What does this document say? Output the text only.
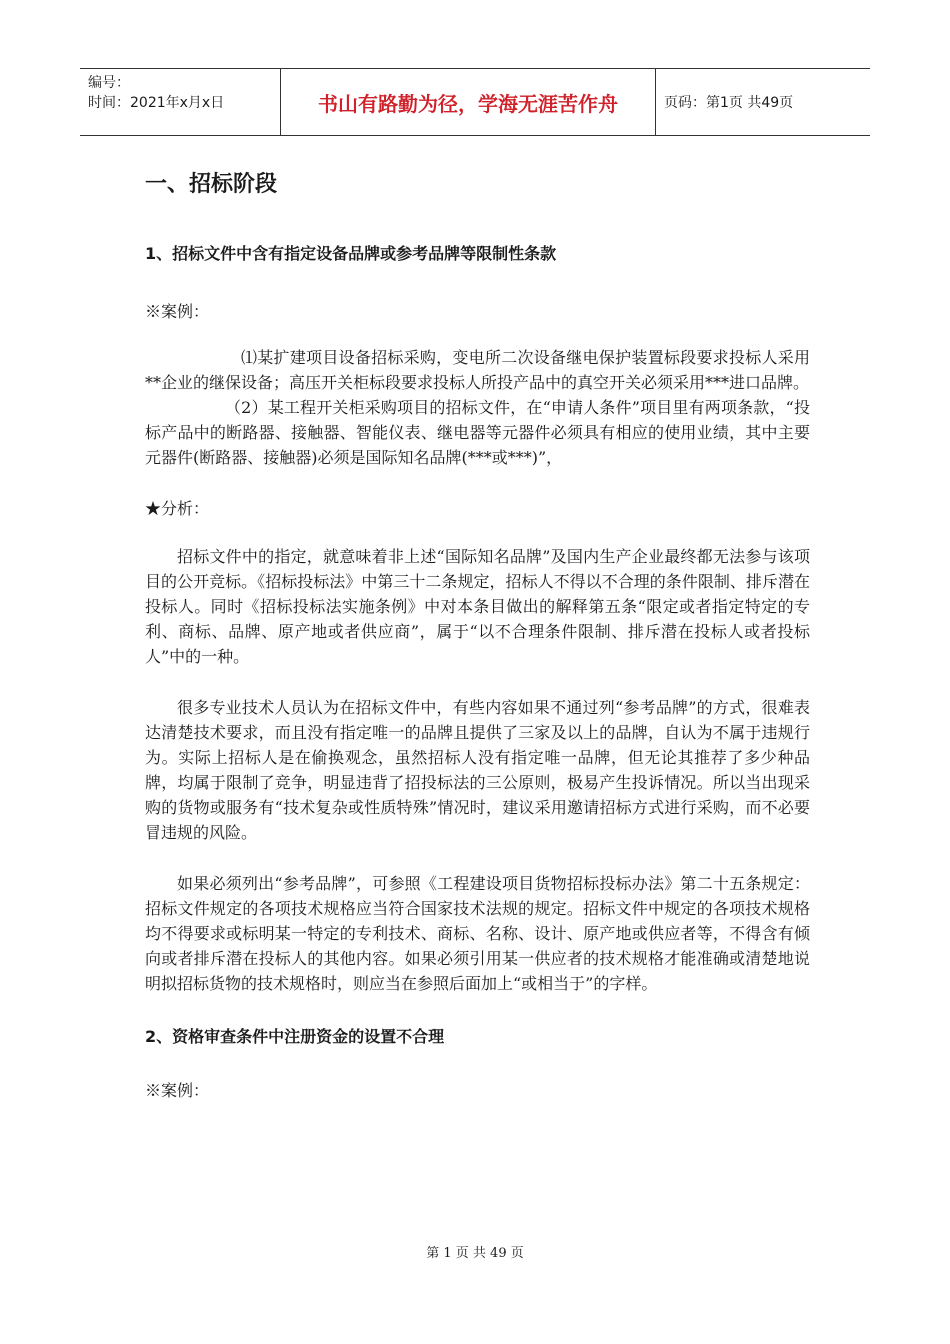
编号：
时间：2021年x月x日	书山有路勤为径，学海无涯苦作舟	页码：第1页 共49页
一、招标阶段
1、招标文件中含有指定设备品牌或参考品牌等限制性条款
※案例：

⑴某扩建项目设备招标采购，变电所二次设备继电保护装置标段要求投标人采用**企业的继保设备；高压开关柜标段要求投标人所投产品中的真空开关必须采用***进口品牌。

（2）某工程开关柜采购项目的招标文件，在“申请人条件”项目里有两项条款，“投标产品中的断路器、接触器、智能仪表、继电器等元器件必须具有相应的使用业绩，其中主要元器件(断路器、接触器)必须是国际知名品牌(***或***)”，

★分析：

招标文件中的指定，就意味着非上述“国际知名品牌”及国内生产企业最终都无法参与该项目的公开竞标。《招标投标法》中第三十二条规定，招标人不得以不合理的条件限制、排斥潜在投标人。同时《招标投标法实施条例》中对本条目做出的解释第五条“限定或者指定特定的专利、商标、品牌、原产地或者供应商”，属于“以不合理条件限制、排斥潜在投标人或者投标人”中的一种。

很多专业技术人员认为在招标文件中，有些内容如果不通过列“参考品牌”的方式，很难表达清楚技术要求，而且没有指定唯一的品牌且提供了三家及以上的品牌，自认为不属于违规行为。实际上招标人是在偷换观念，虽然招标人没有指定唯一品牌，但无论其推荐了多少种品牌，均属于限制了竞争，明显违背了招投标法的三公原则，极易产生投诉情况。所以当出现采购的货物或服务有“技术复杂或性质特殊”情况时，建议采用邀请招标方式进行采购，而不必要冒违规的风险。

如果必须列出“参考品牌”，可参照《工程建设项目货物招标投标办法》第二十五条规定：招标文件规定的各项技术规格应当符合国家技术法规的规定。招标文件中规定的各项技术规格均不得要求或标明某一特定的专利技术、商标、名称、设计、原产地或供应者等，不得含有倾向或者排斥潜在投标人的其他内容。如果必须引用某一供应者的技术规格才能准确或清楚地说明拟招标货物的技术规格时，则应当在参照后面加上“或相当于”的字样。

2、资格审查条件中注册资金的设置不合理
※案例：
第 1 页 共 49 页
